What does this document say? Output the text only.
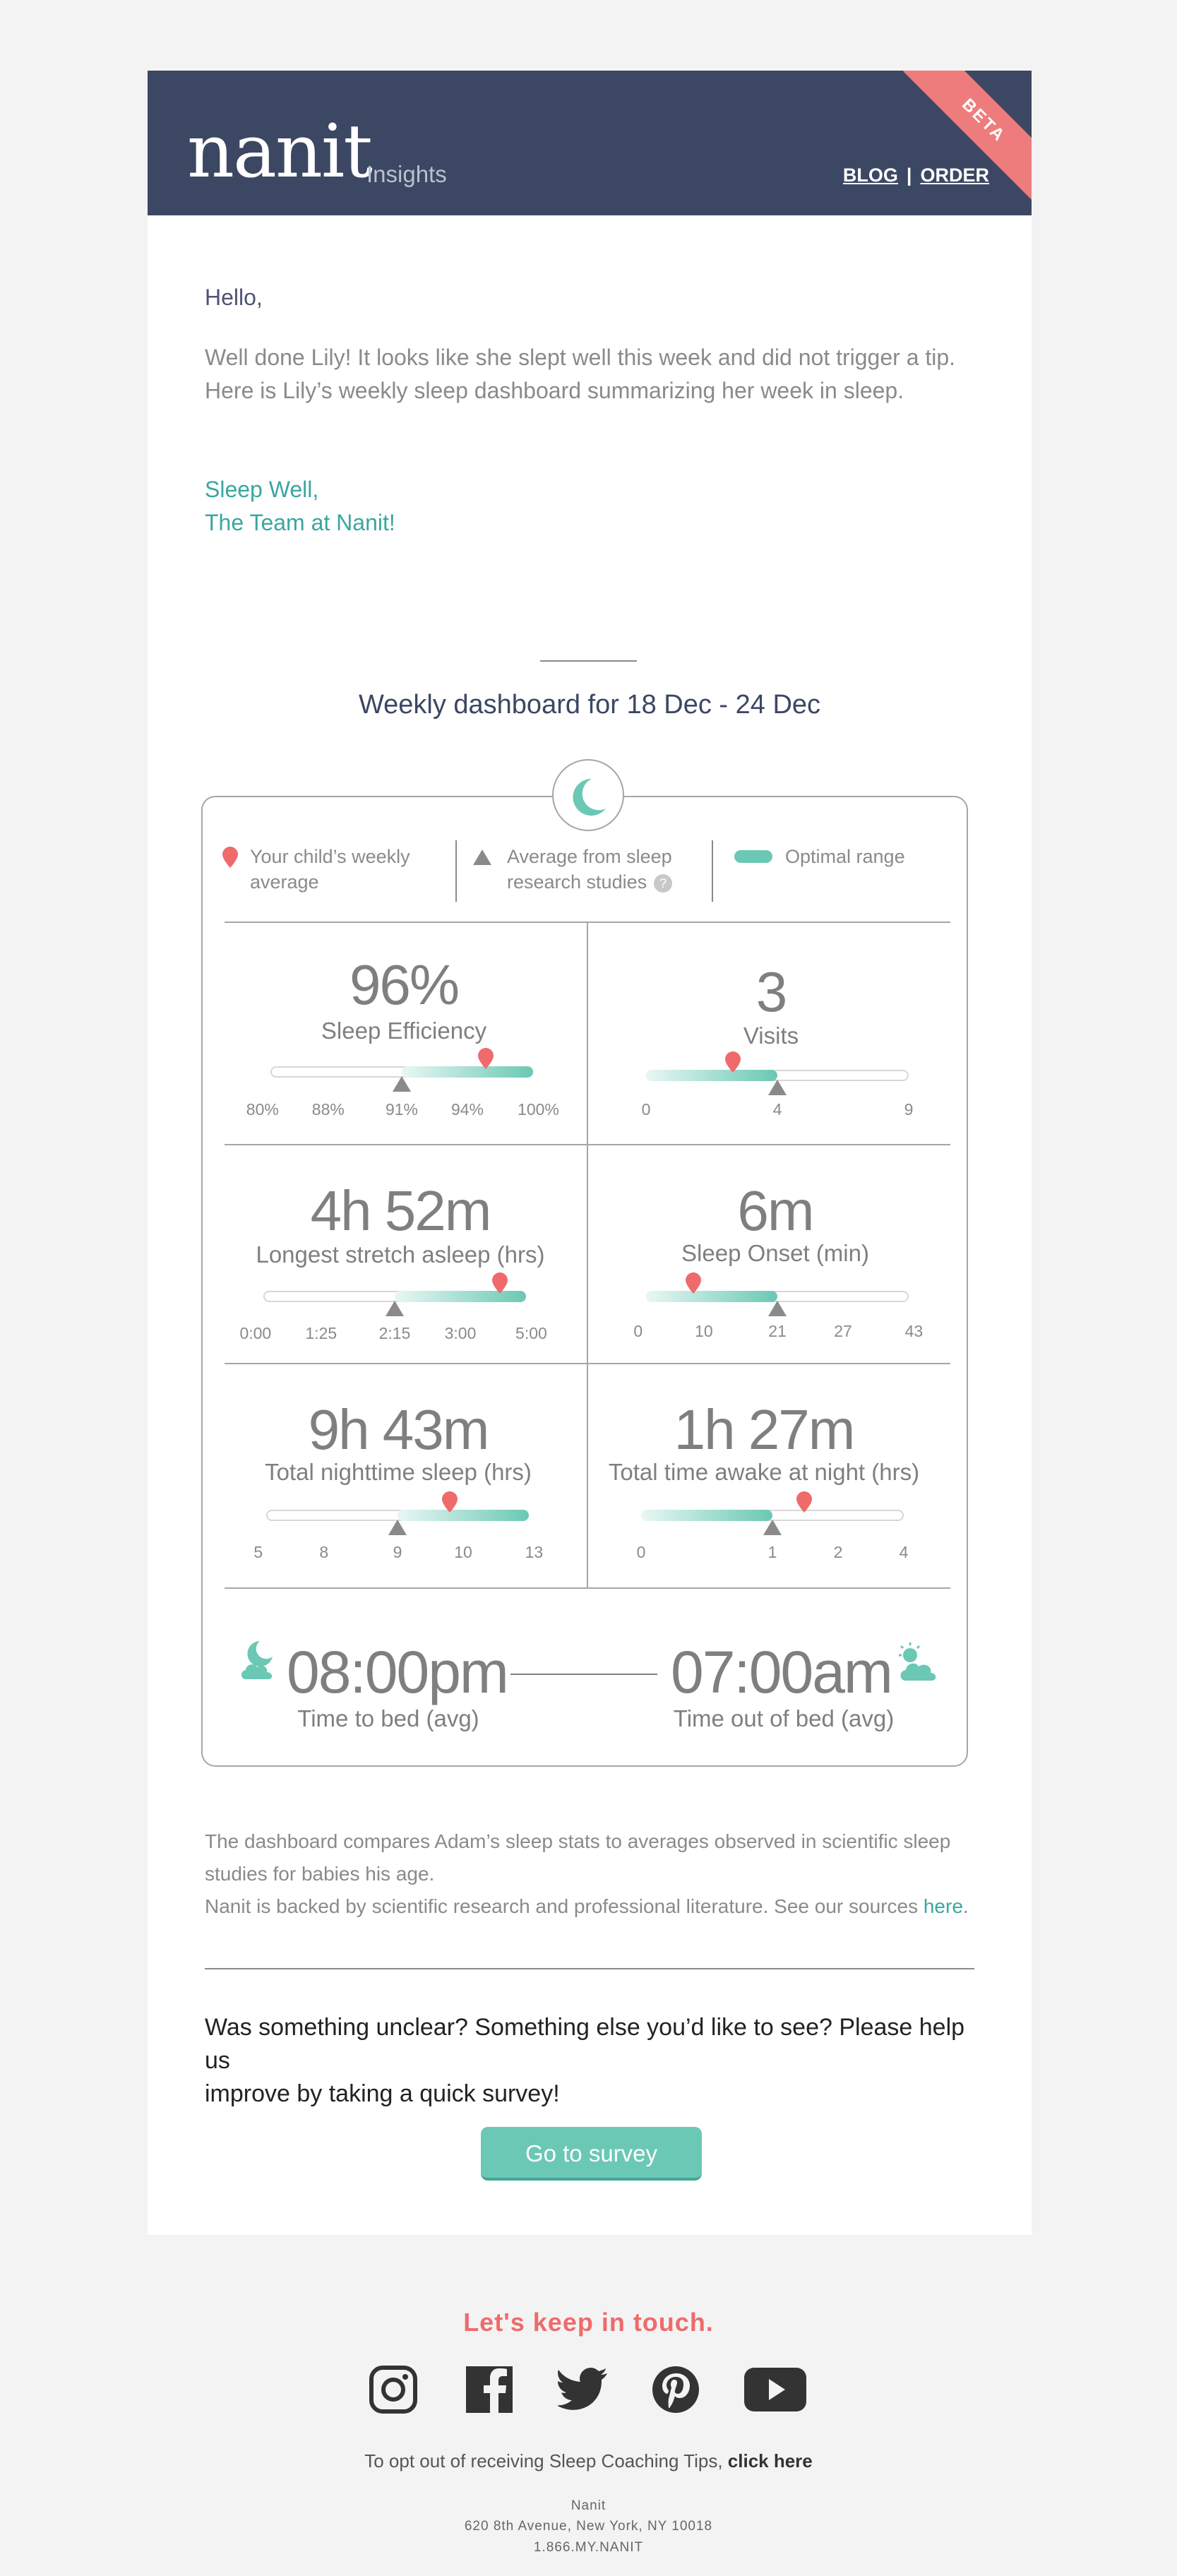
nanit
Insights	BLOG | ORDER
BETA
Hello,
Well done Lily! It looks like she slept well this week and did not trigger a tip.
Here is Lily’s weekly sleep dashboard summarizing her week in sleep.
Sleep Well,
The Team at Nanit!
Weekly dashboard for 18 Dec - 24 Dec
Your child’s weekly
average
Average from sleep
research studies ?
Optimal range
96%
Sleep Efficiency
80% 88%	91% 94% 100%
3
Visits
0	4	9
4h 52m
Longest stretch asleep (hrs)
0:00 1:25	2:15 3:00 5:00
6m
Sleep Onset (min)
0	10	21	27	43
9h 43m
Total nighttime sleep (hrs)
5	8	9	10	13
1h 27m
Total time awake at night (hrs)
0	1	2	4
08:00pm	07:00am
Time to bed (avg)	Time out of bed (avg)
The dashboard compares Adam’s sleep stats to averages observed in scientific sleep
studies for babies his age.
Nanit is backed by scientific research and professional literature. See our sources here.
Was something unclear? Something else you’d like to see? Please help us
improve by taking a quick survey!
Go to survey
Let's keep in touch.
To opt out of receiving Sleep Coaching Tips, click here
Nanit
620 8th Avenue, New York, NY 10018
1.866.MY.NANIT
